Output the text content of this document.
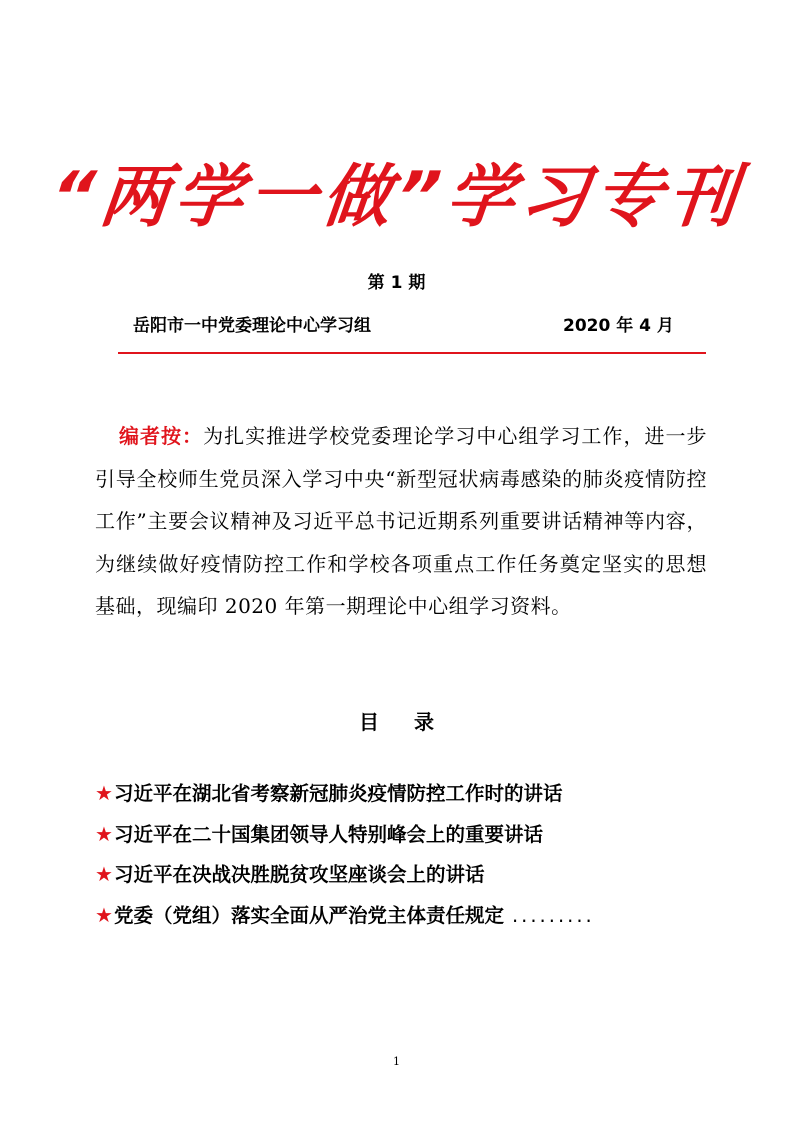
“两学一做”学习专刊
第 1 期
岳阳市一中党委理论中心学习组	2020 年 4 月

编者按：为扎实推进学校党委理论学习中心组学习工作，进一步引导全校师生党员深入学习中央“新型冠状病毒感染的肺炎疫情防控工作”主要会议精神及习近平总书记近期系列重要讲话精神等内容，为继续做好疫情防控工作和学校各项重点工作任务奠定坚实的思想基础，现编印 2020 年第一期理论中心组学习资料。

目 录
★习近平在湖北省考察新冠肺炎疫情防控工作时的讲话
★习近平在二十国集团领导人特别峰会上的重要讲话
★习近平在决战决胜脱贫攻坚座谈会上的讲话
★党委（党组）落实全面从严治党主体责任规定 .........
1
